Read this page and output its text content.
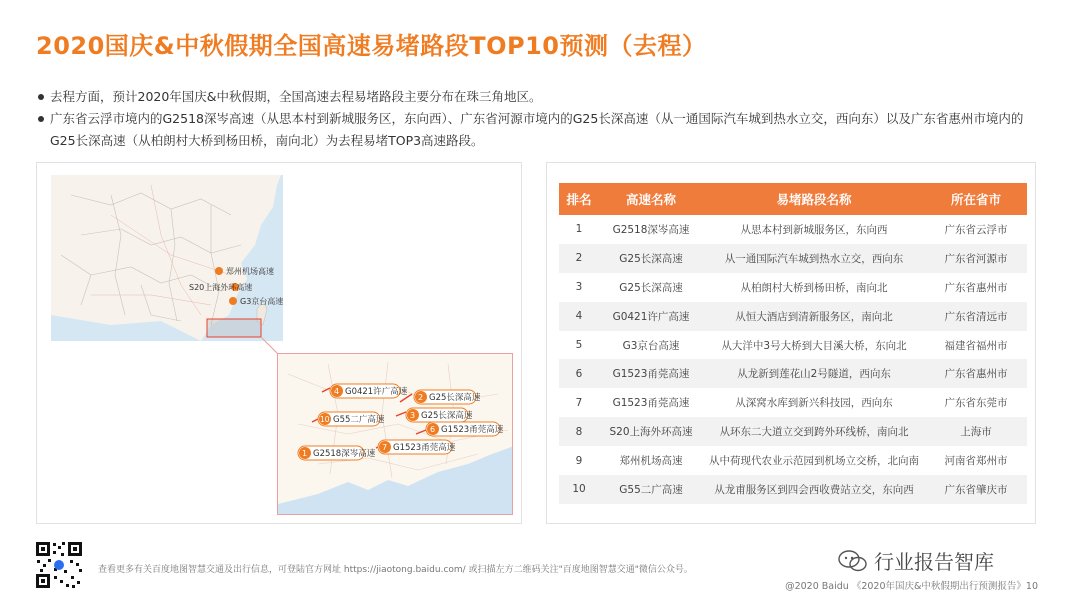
2020国庆&中秋假期全国高速易堵路段TOP10预测（去程）
去程方面，预计2020年国庆&中秋假期，全国高速去程易堵路段主要分布在珠三角地区。
广东省云浮市境内的G2518深岑高速（从思本村到新城服务区，东向西）、广东省河源市境内的G25长深高速（从一通国际汽车城到热水立交，西向东）以及广东省惠州市境内的G25长深高速（从柏朗村大桥到杨田桥，南向北）为去程易堵TOP3高速路段。
郑州机场高速
S20上海外环高速
G3京台高速
1 G2518深岑高速
2 G25长深高速
3 G25长深高速
4 G0421许广高速
6 G1523甬莞高速
7 G1523甬莞高速
10 G55二广高速
排名	高速名称	易堵路段名称	所在省市
1	G2518深岑高速	从思本村到新城服务区，东向西	广东省云浮市
2	G25长深高速	从一通国际汽车城到热水立交，西向东	广东省河源市
3	G25长深高速	从柏朗村大桥到杨田桥，南向北	广东省惠州市
4	G0421许广高速	从恒大酒店到清新服务区，南向北	广东省清远市
5	G3京台高速	从大洋中3号大桥到大目溪大桥，东向北	福建省福州市
6	G1523甬莞高速	从龙新到莲花山2号隧道，西向东	广东省惠州市
7	G1523甬莞高速	从深窝水库到新兴科技园，西向东	广东省东莞市
8	S20上海外环高速	从环东二大道立交到跨外环线桥，南向北	上海市
9	郑州机场高速	从中荷现代农业示范园到机场立交桥，北向南	河南省郑州市
10	G55二广高速	从龙甫服务区到四会西收费站立交，东向西	广东省肇庆市
查看更多有关百度地图智慧交通及出行信息，可登陆官方网址 https://jiaotong.baidu.com/ 或扫描左方二维码关注"百度地图智慧交通"微信公众号。	行业报告智库
@2020 Baidu 《2020年国庆&中秋假期出行预测报告》10
